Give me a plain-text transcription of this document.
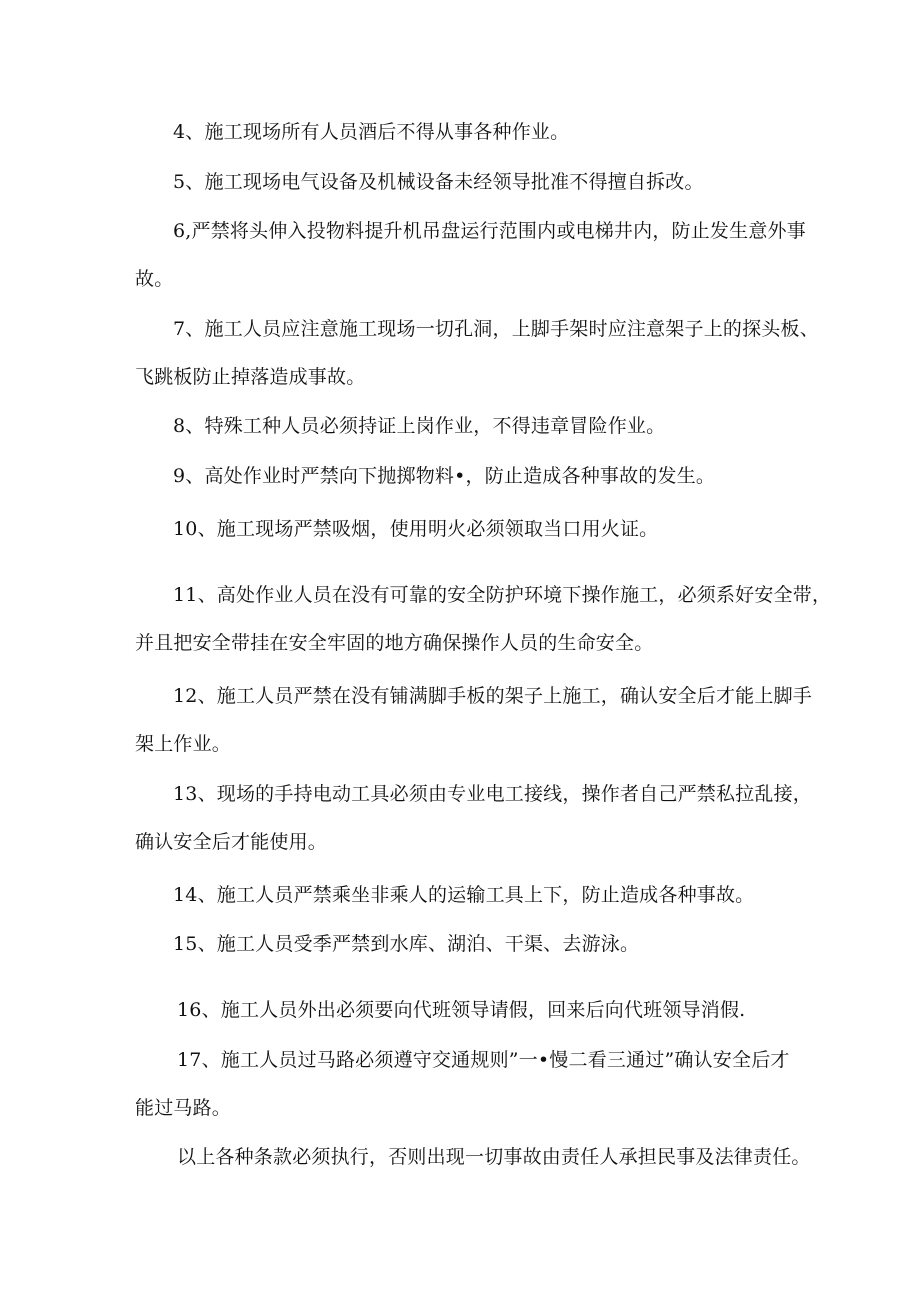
4、施工现场所有人员酒后不得从事各种作业。

5、施工现场电气设备及机械设备未经领导批准不得擅自拆改。

6,严禁将头伸入投物料提升机吊盘运行范围内或电梯井内，防止发生意外事

故。

7、施工人员应注意施工现场一切孔洞，上脚手架时应注意架子上的探头板、

飞跳板防止掉落造成事故。

8、特殊工种人员必须持证上岗作业，不得违章冒险作业。

9、高处作业时严禁向下抛掷物料•，防止造成各种事故的发生。

10、施工现场严禁吸烟，使用明火必须领取当口用火证。

11、高处作业人员在没有可靠的安全防护环境下操作施工，必须系好安全带，

并且把安全带挂在安全牢固的地方确保操作人员的生命安全。

12、施工人员严禁在没有铺满脚手板的架子上施工，确认安全后才能上脚手

架上作业。

13、现场的手持电动工具必须由专业电工接线，操作者自己严禁私拉乱接，

确认安全后才能使用。

14、施工人员严禁乘坐非乘人的运输工具上下，防止造成各种事故。

15、施工人员受季严禁到水库、湖泊、干渠、去游泳。

16、施工人员外出必须要向代班领导请假，回来后向代班领导消假.

17、施工人员过马路必须遵守交通规则”一•慢二看三通过”确认安全后才

能过马路。

以上各种条款必须执行，否则出现一切事故由责任人承担民事及法律责任。
